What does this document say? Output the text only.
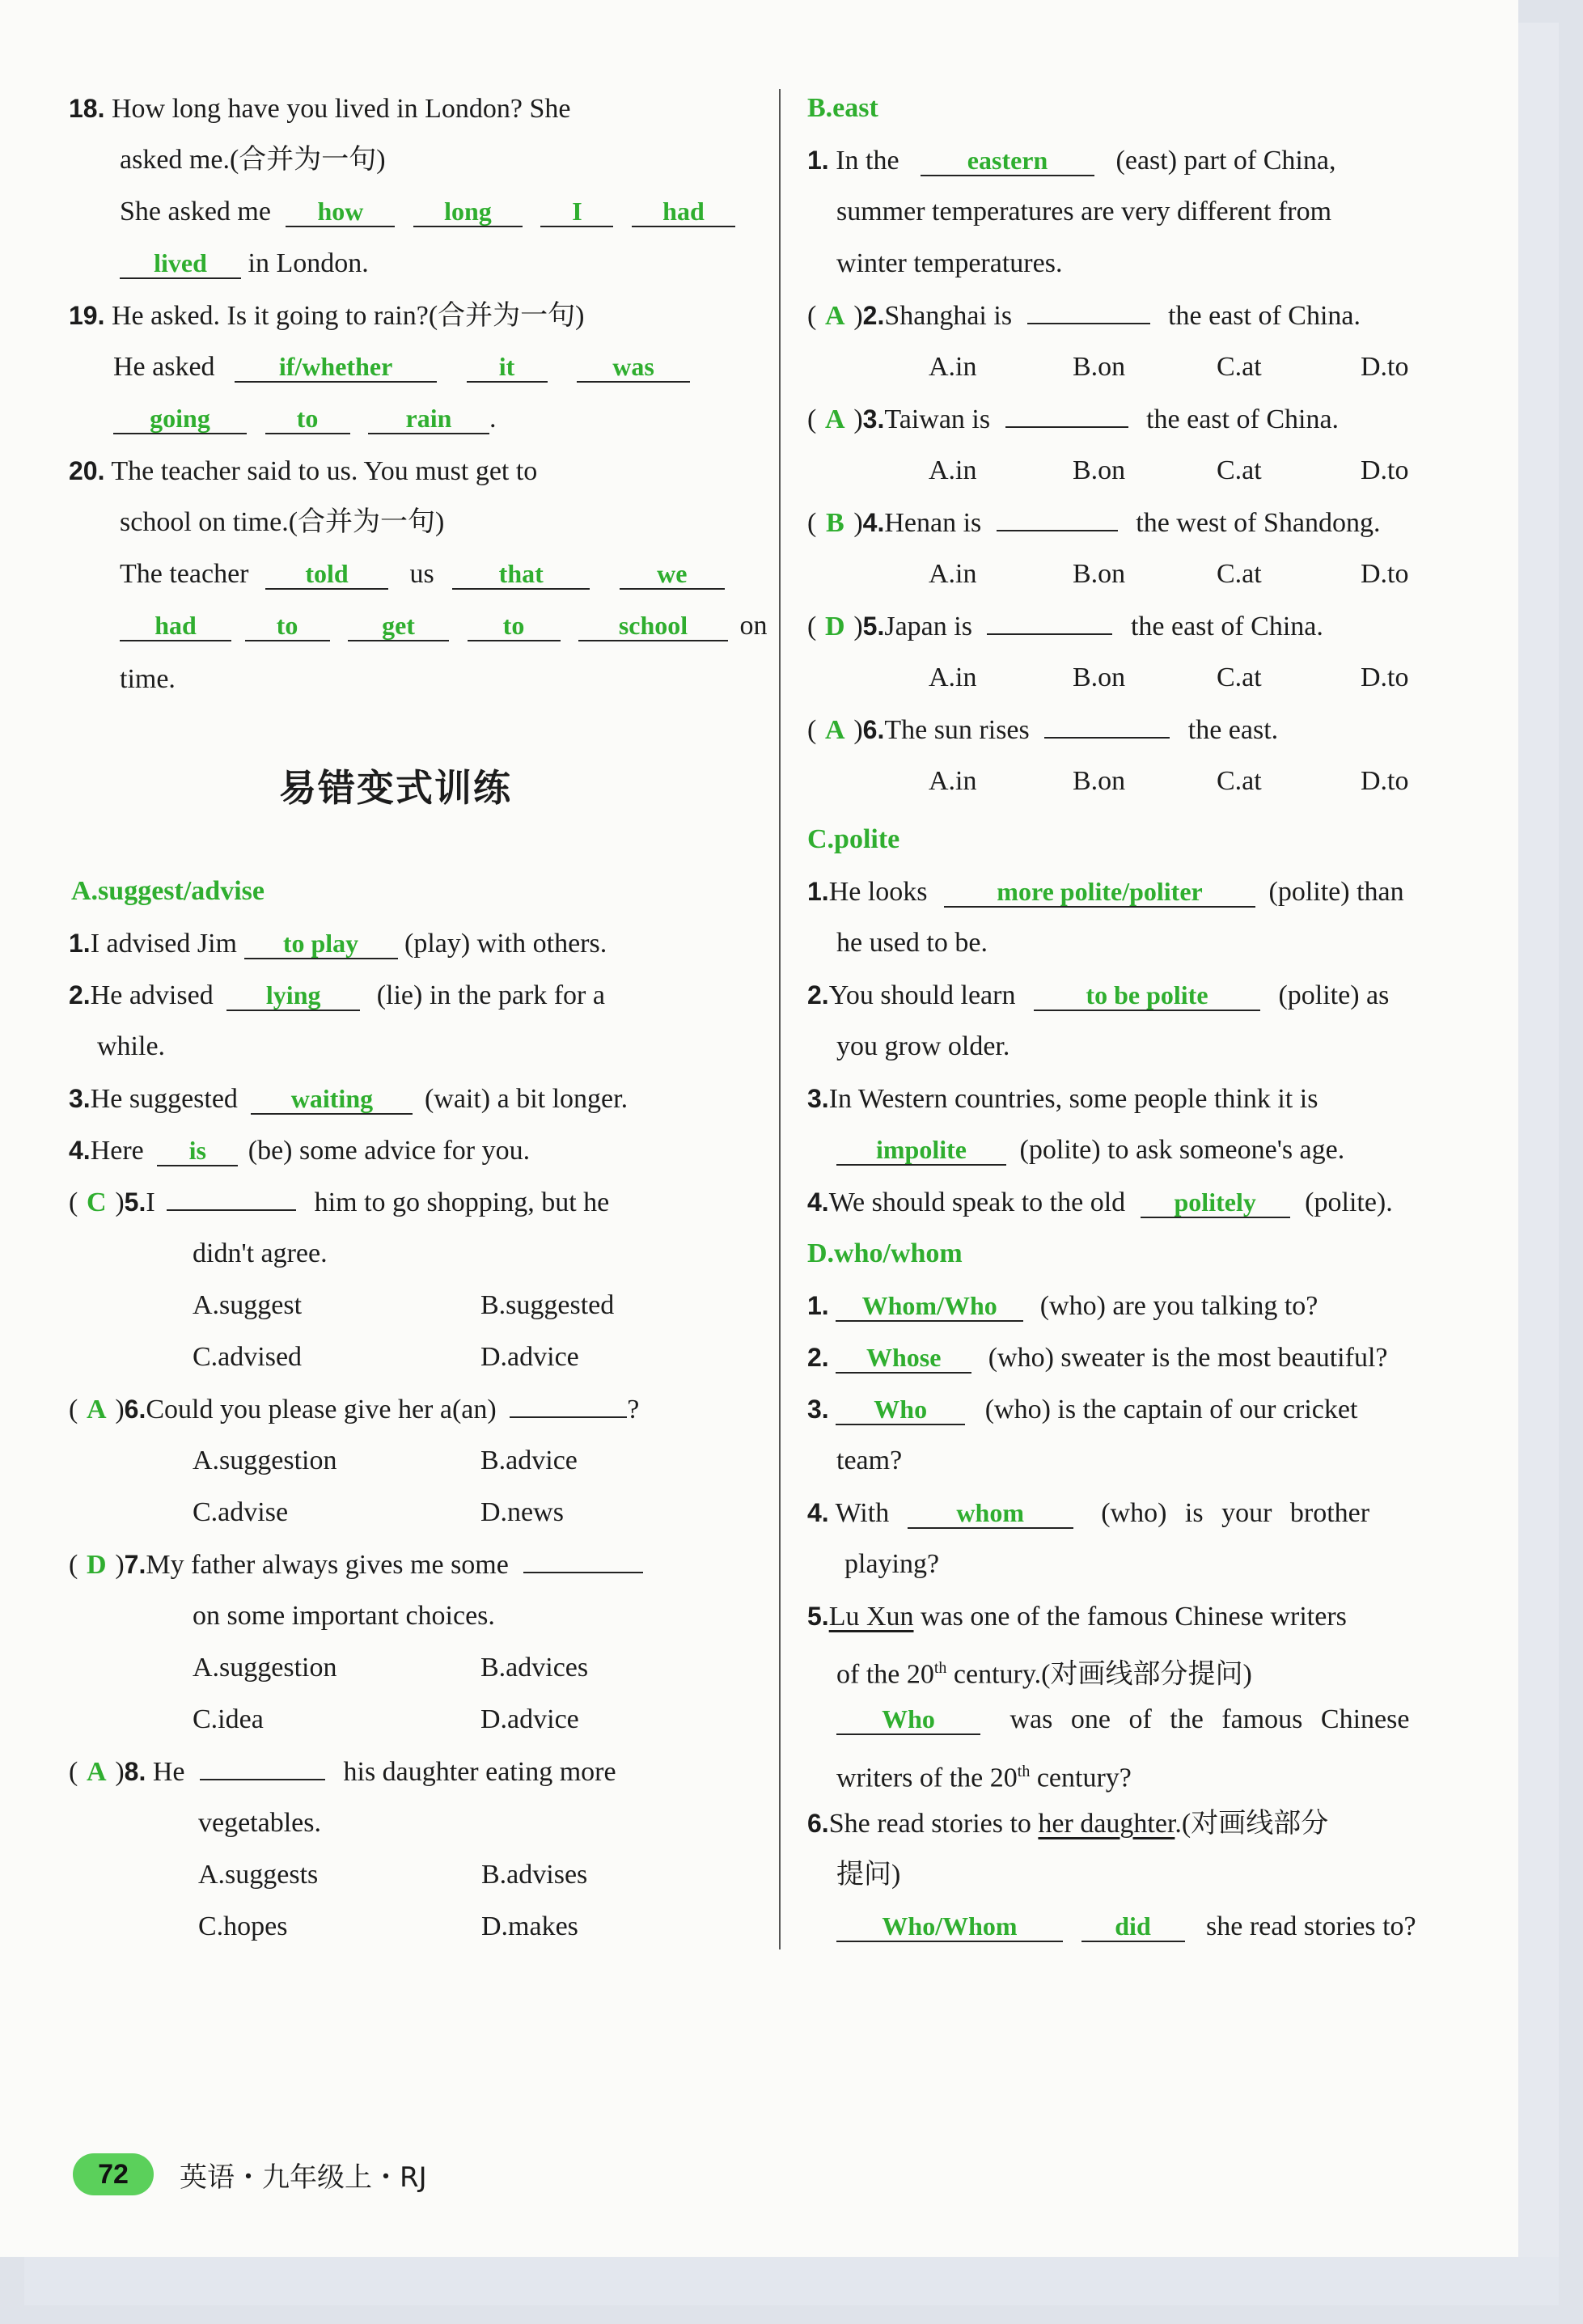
18. How long have you lived in London? She
asked me.(合并为一句)
She asked me how	long	I	had
lived in London.
19. He asked. Is it going to rain?(合并为一句)
He asked if/whether	it	was
going	to	rain .
20. The teacher said to us. You must get to
school on time.(合并为一句)
The teacher told us that	we
had	to	get	to	school on
time.
易错变式训练
A.suggest/advise
1.I advised Jim to play (play) with others.
2.He advised lying (lie) in the park for a
while.
3.He suggested waiting (wait) a bit longer.
4.Here is (be) some advice for you.
( C )5.I	him to go shopping, but he
didn't agree.
A.suggest	B.suggested
C.advised	D.advice
( A )6.Could you please give her a(an)	?
A.suggestion	B.advice
C.advise	D.news
( D )7.My father always gives me some
on some important choices.
A.suggestion	B.advices
C.idea	D.advice
( A )8. He	his daughter eating more
vegetables.
A.suggests	B.advises
C.hopes	D.makes
B.east
1. In the	eastern (east) part of China,
summer temperatures are very different from
winter temperatures.
( A )2.Shanghai is	the east of China.
A.in	B.on	C.at	D.to
( A )3.Taiwan is	the east of China.
A.in	B.on	C.at	D.to
( B )4.Henan is	the west of Shandong.
A.in	B.on	C.at	D.to
( D )5.Japan is	the east of China.
A.in	B.on	C.at	D.to
( A )6.The sun rises	the east.
A.in	B.on	C.at	D.to
C.polite
1.He looks	more polite/politer (polite) than
he used to be.
2.You should learn	to be polite	(polite) as
you grow older.
3.In Western countries, some people think it is
impolite (polite) to ask someone's age.
4.We should speak to the old politely (polite).
D.who/whom
1. Whom/Who (who) are you talking to?
2. Whose (who) sweater is the most beautiful?
3. Who (who) is the captain of our cricket
team?
4. With	whom	(who) is your brother
playing?
5.Lu Xun was one of the famous Chinese writers
of the 20th century.(对画线部分提问)
Who	was one of the famous Chinese
writers of the 20th century?
6.She read stories to her daughter.(对画线部分
提问)
Who/Whom	did she read stories to?
72 英语・九年级上・RJ
